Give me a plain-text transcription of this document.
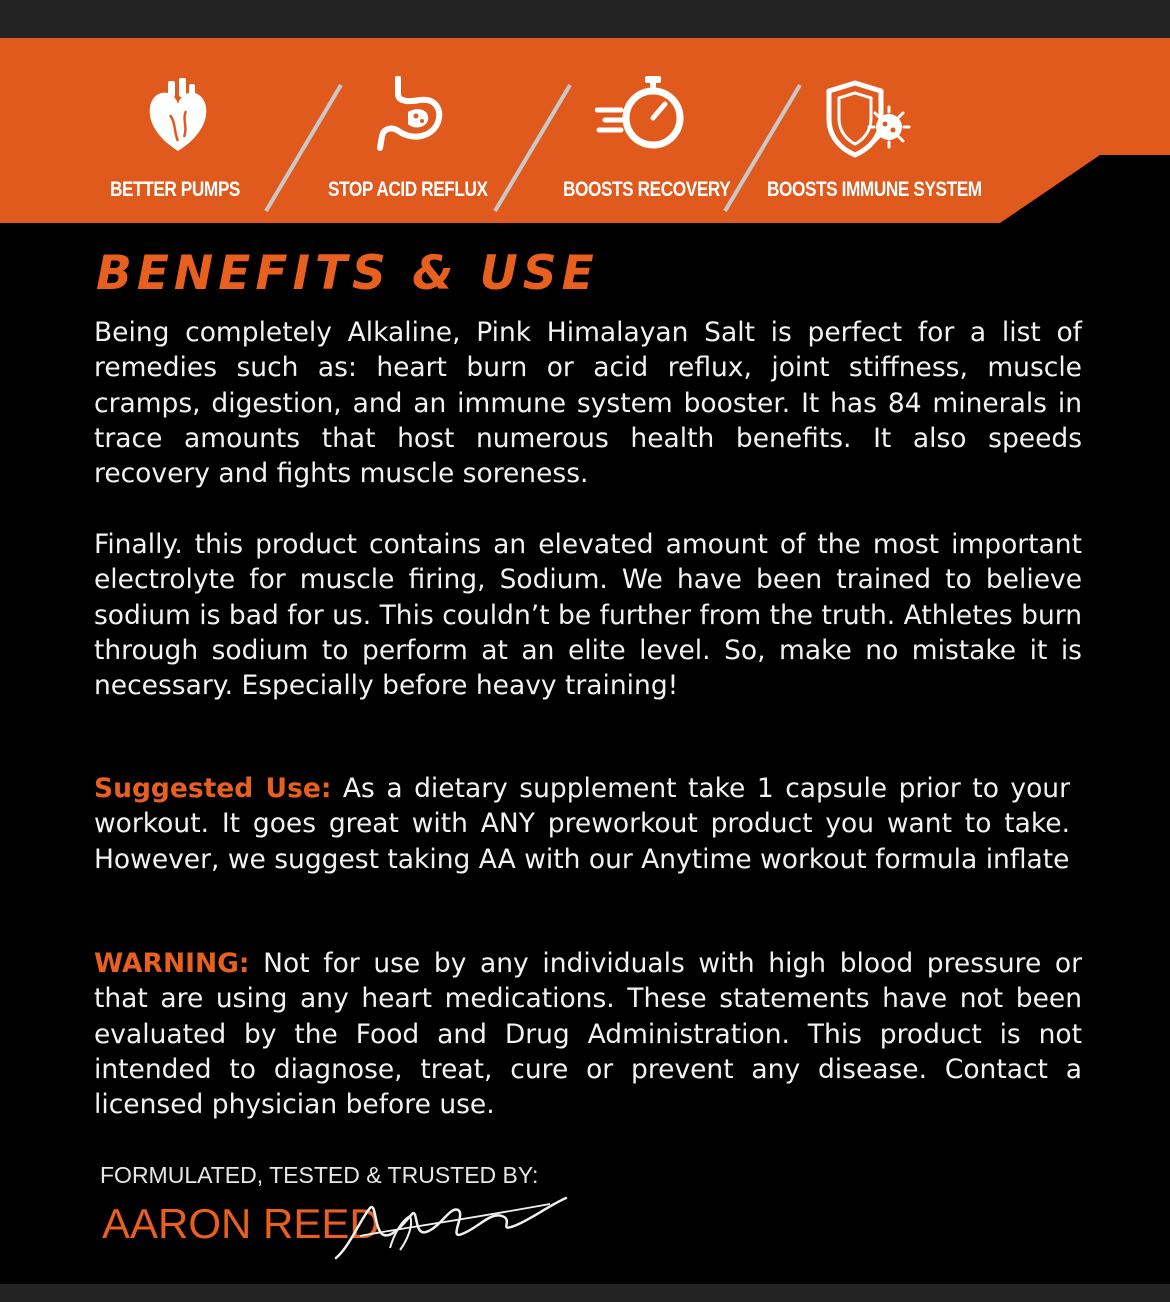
BETTER PUMPS	STOP ACID REFLUX	BOOSTS RECOVERY BOOSTS IMMUNE SYSTEM
BENEFITS & USE

Being completely Alkaline, Pink Himalayan Salt is perfect for a list of remedies such as: heart burn or acid reflux, joint stiffness, muscle cramps, digestion, and an immune system booster. It has 84 minerals in trace amounts that host numerous health benefits. It also speeds recovery and fights muscle soreness.

Finally. this product contains an elevated amount of the most important electrolyte for muscle firing, Sodium. We have been trained to believe sodium is bad for us. This couldn’t be further from the truth. Athletes burn through sodium to perform at an elite level. So, make no mistake it is necessary. Especially before heavy training!

Suggested Use: As a dietary supplement take 1 capsule prior to your workout. It goes great with ANY preworkout product you want to take. However, we suggest taking AA with our Anytime workout formula inflate

WARNING: Not for use by any individuals with high blood pressure or that are using any heart medications. These statements have not been evaluated by the Food and Drug Administration. This product is not intended to diagnose, treat, cure or prevent any disease. Contact a licensed physician before use.

FORMULATED, TESTED & TRUSTED BY:
AARON REED
